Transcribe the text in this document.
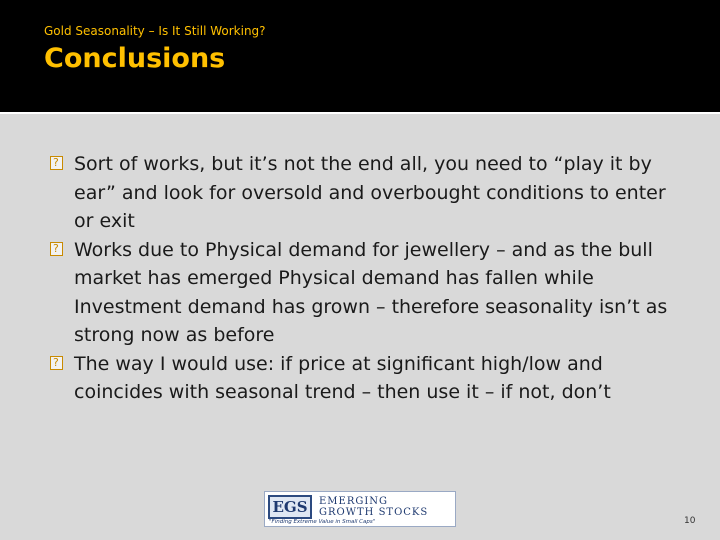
Gold Seasonality – Is It Still Working?
Conclusions
?
Sort of works, but it’s not the end all, you need to “play it by ear” and look for oversold and overbought conditions to enter or exit
?
Works due to Physical demand for jewellery – and as the bull market has emerged Physical demand has fallen while Investment demand has grown – therefore seasonality isn’t as strong now as before
?
The way I would use: if price at significant high/low and coincides with seasonal trend – then use it – if not, don’t
EGS	EMERGING
GROWTH STOCKS
"Finding Extreme Value in Small Caps"	10
